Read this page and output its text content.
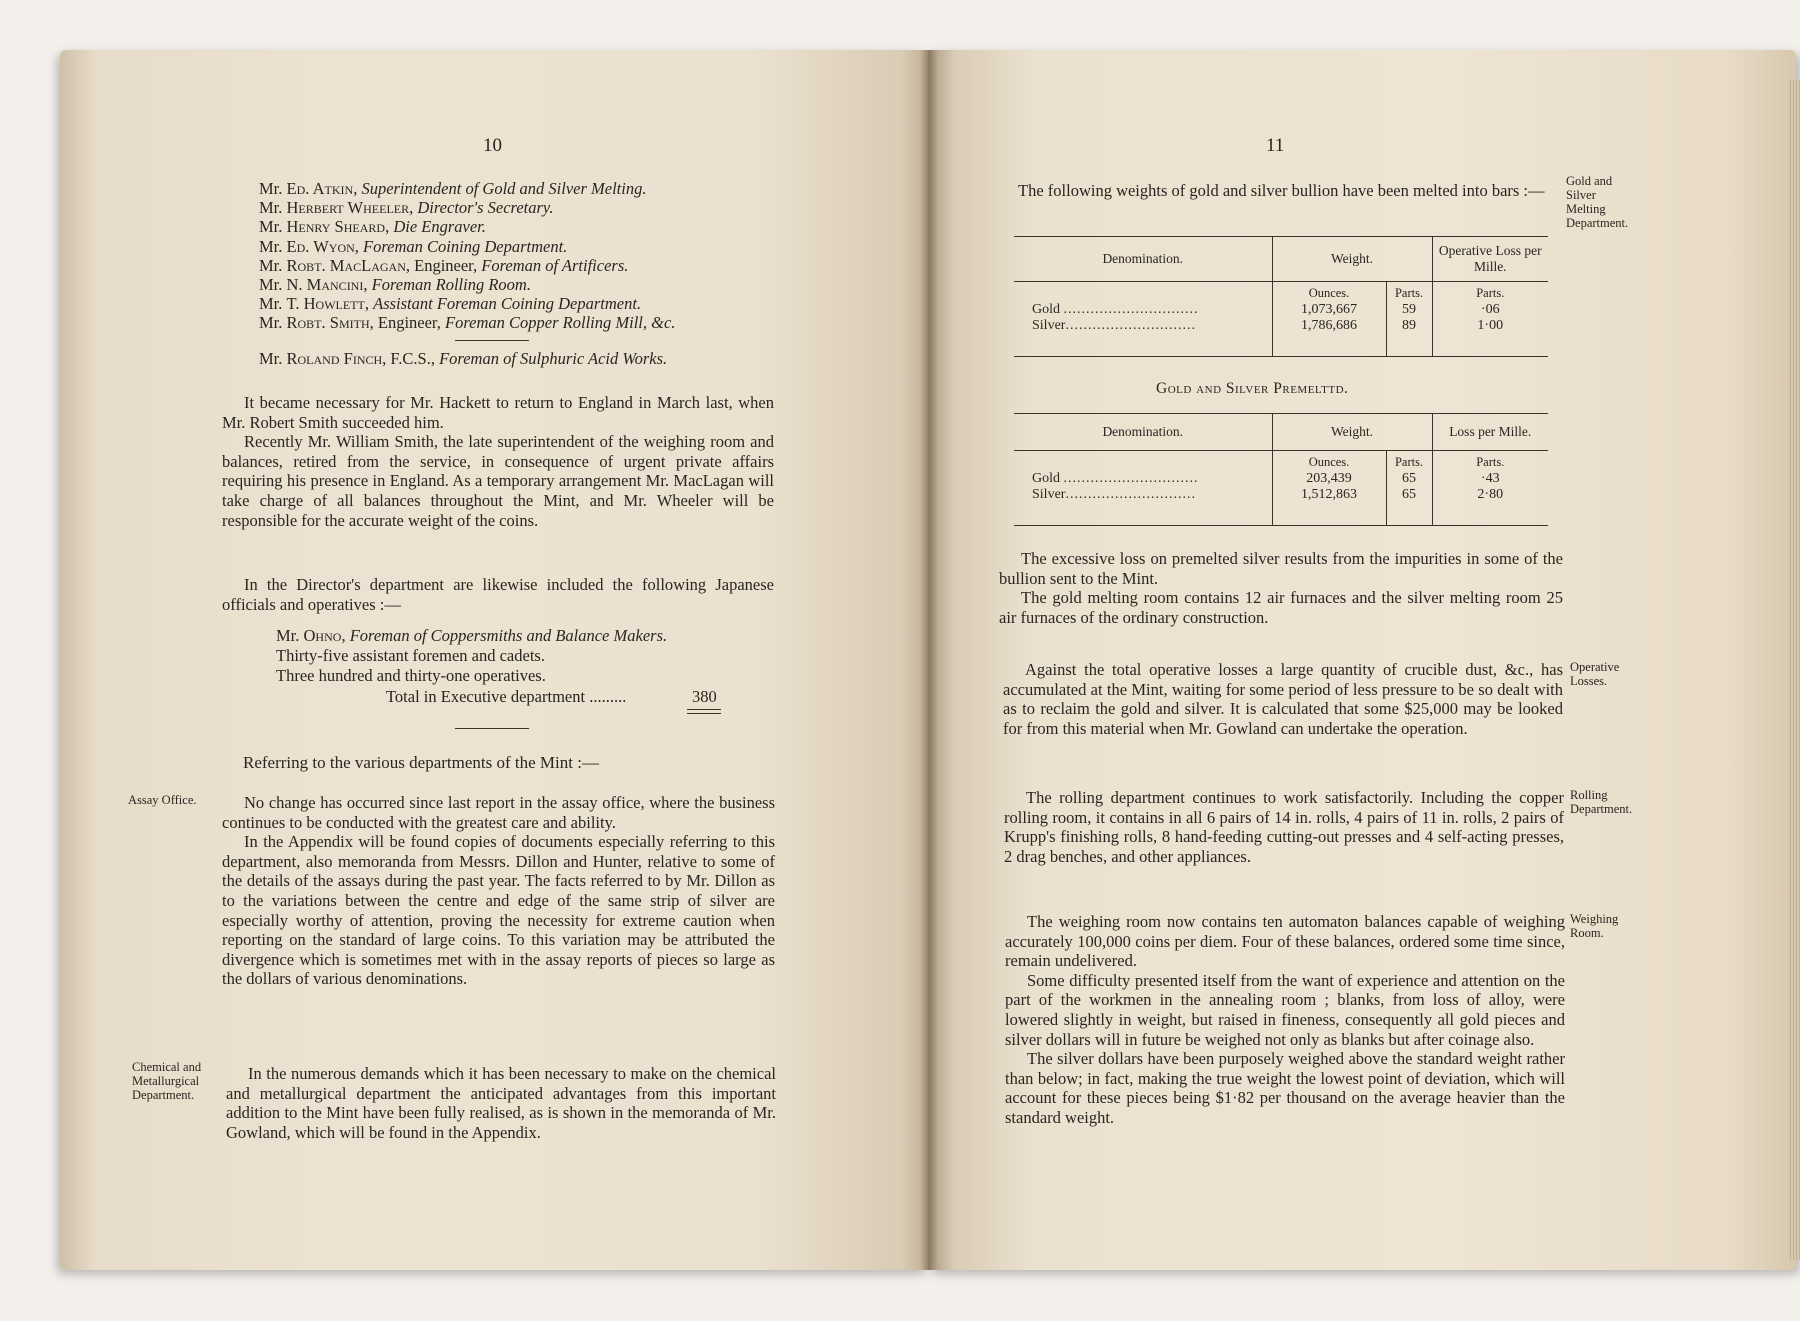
10
Mr. Ed. Atkin, Superintendent of Gold and Silver Melting.
Mr. Herbert Wheeler, Director's Secretary.
Mr. Henry Sheard, Die Engraver.
Mr. Ed. Wyon, Foreman Coining Department.
Mr. Robt. MacLagan, Engineer, Foreman of Artificers.
Mr. N. Mancini, Foreman Rolling Room.
Mr. T. Howlett, Assistant Foreman Coining Department.
Mr. Robt. Smith, Engineer, Foreman Copper Rolling Mill, &c.
Mr. Roland Finch, F.C.S., Foreman of Sulphuric Acid Works.

It became necessary for Mr. Hackett to return to England in March last, when Mr. Robert Smith succeeded him.

Recently Mr. William Smith, the late superintendent of the weighing room and balances, retired from the service, in consequence of urgent private affairs requiring his presence in England. As a temporary arrangement Mr. MacLagan will take charge of all balances throughout the Mint, and Mr. Wheeler will be responsible for the accurate weight of the coins.

In the Director's department are likewise included the following Japanese officials and operatives :—

Mr. Ohno, Foreman of Coppersmiths and Balance Makers.
Thirty-five assistant foremen and cadets.
Three hundred and thirty-one operatives.
Total in Executive department .........	380
Referring to the various departments of the Mint :—
Assay Office.	No change has occurred since last report in the assay office, where the business continues to be conducted with the greatest care and ability.

In the Appendix will be found copies of documents especially referring to this department, also memoranda from Messrs. Dillon and Hunter, relative to some of the details of the assays during the past year. The facts referred to by Mr. Dillon as to the variations between the centre and edge of the same strip of silver are especially worthy of attention, proving the necessity for extreme caution when reporting on the standard of large coins. To this variation may be attributed the divergence which is sometimes met with in the assay reports of pieces so large as the dollars of various denominations.

Chemical and
Metallurgical
Department.

In the numerous demands which it has been necessary to make on the chemical and metallurgical department the anticipated advantages from this important addition to the Mint have been fully realised, as is shown in the memoranda of Mr. Gowland, which will be found in the Appendix.

11

The following weights of gold and silver bullion have been melted into bars :—	Gold and
Silver
Melting
Department.
Denomination.	Weight.		Operative Loss per Mille.
	Ounces.	Parts.	Parts.
Gold ..............................	1,073,667	59	·06
Silver.............................	1,786,686	89	1·00
Gold and Silver Premelttd.
Denomination.	Weight.		Loss per Mille.
	Ounces.	Parts.	Parts.
Gold ..............................	203,439	65	·43
Silver.............................	1,512,863	65	2·80

The excessive loss on premelted silver results from the impurities in some of the bullion sent to the Mint.

The gold melting room contains 12 air furnaces and the silver melting room 25 air furnaces of the ordinary construction.

Operative
Losses.

Against the total operative losses a large quantity of crucible dust, &c., has accumulated at the Mint, waiting for some period of less pressure to be so dealt with as to reclaim the gold and silver. It is calculated that some $25,000 may be looked for from this material when Mr. Gowland can undertake the operation.

Rolling
Department.

The rolling department continues to work satisfactorily. Including the copper rolling room, it contains in all 6 pairs of 14 in. rolls, 4 pairs of 11 in. rolls, 2 pairs of Krupp's finishing rolls, 8 hand-feeding cutting-out presses and 4 self-acting presses, 2 drag benches, and other appliances.

Weighing
Room.

The weighing room now contains ten automaton balances capable of weighing accurately 100,000 coins per diem. Four of these balances, ordered some time since, remain undelivered.

Some difficulty presented itself from the want of experience and attention on the part of the workmen in the annealing room ; blanks, from loss of alloy, were lowered slightly in weight, but raised in fineness, consequently all gold pieces and silver dollars will in future be weighed not only as blanks but after coinage also.

The silver dollars have been purposely weighed above the standard weight rather than below; in fact, making the true weight the lowest point of deviation, which will account for these pieces being $1·82 per thousand on the average heavier than the standard weight.
